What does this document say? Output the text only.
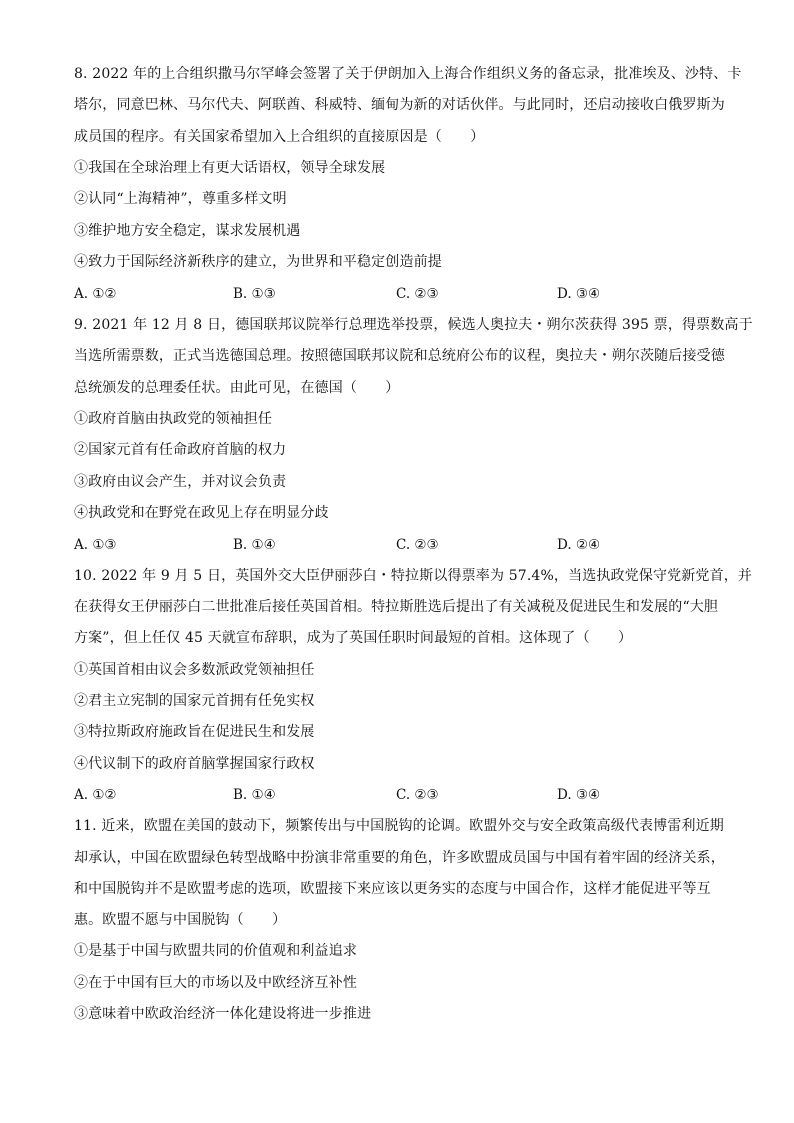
8. 2022 年的上合组织撒马尔罕峰会签署了关于伊朗加入上海合作组织义务的备忘录，批准埃及、沙特、卡
塔尔，同意巴林、马尔代夫、阿联酋、科威特、缅甸为新的对话伙伴。与此同时，还启动接收白俄罗斯为
成员国的程序。有关国家希望加入上合组织的直接原因是（　　）
①我国在全球治理上有更大话语权，领导全球发展
②认同“上海精神”，尊重多样文明
③维护地方安全稳定，谋求发展机遇
④致力于国际经济新秩序的建立，为世界和平稳定创造前提
A. ①②	B. ①③	C. ②③	D. ③④
9. 2021 年 12 月 8 日，德国联邦议院举行总理选举投票，候选人奥拉夫・朔尔茨获得 395 票，得票数高于
当选所需票数，正式当选德国总理。按照德国联邦议院和总统府公布的议程，奥拉夫・朔尔茨随后接受德
总统颁发的总理委任状。由此可见，在德国（　　）
①政府首脑由执政党的领袖担任
②国家元首有任命政府首脑的权力
③政府由议会产生，并对议会负责
④执政党和在野党在政见上存在明显分歧
A. ①③	B. ①④	C. ②③	D. ②④
10. 2022 年 9 月 5 日，英国外交大臣伊丽莎白・特拉斯以得票率为 57.4%，当选执政党保守党新党首，并
在获得女王伊丽莎白二世批准后接任英国首相。特拉斯胜选后提出了有关减税及促进民生和发展的“大胆
方案”，但上任仅 45 天就宣布辞职，成为了英国任职时间最短的首相。这体现了（　　）
①英国首相由议会多数派政党领袖担任
②君主立宪制的国家元首拥有任免实权
③特拉斯政府施政旨在促进民生和发展
④代议制下的政府首脑掌握国家行政权
A. ①②	B. ①④	C. ②③	D. ③④
11. 近来，欧盟在美国的鼓动下，频繁传出与中国脱钩的论调。欧盟外交与安全政策高级代表博雷利近期
却承认，中国在欧盟绿色转型战略中扮演非常重要的角色，许多欧盟成员国与中国有着牢固的经济关系，
和中国脱钩并不是欧盟考虑的选项，欧盟接下来应该以更务实的态度与中国合作，这样才能促进平等互
惠。欧盟不愿与中国脱钩（　　）
①是基于中国与欧盟共同的价值观和利益追求
②在于中国有巨大的市场以及中欧经济互补性
③意味着中欧政治经济一体化建设将进一步推进
